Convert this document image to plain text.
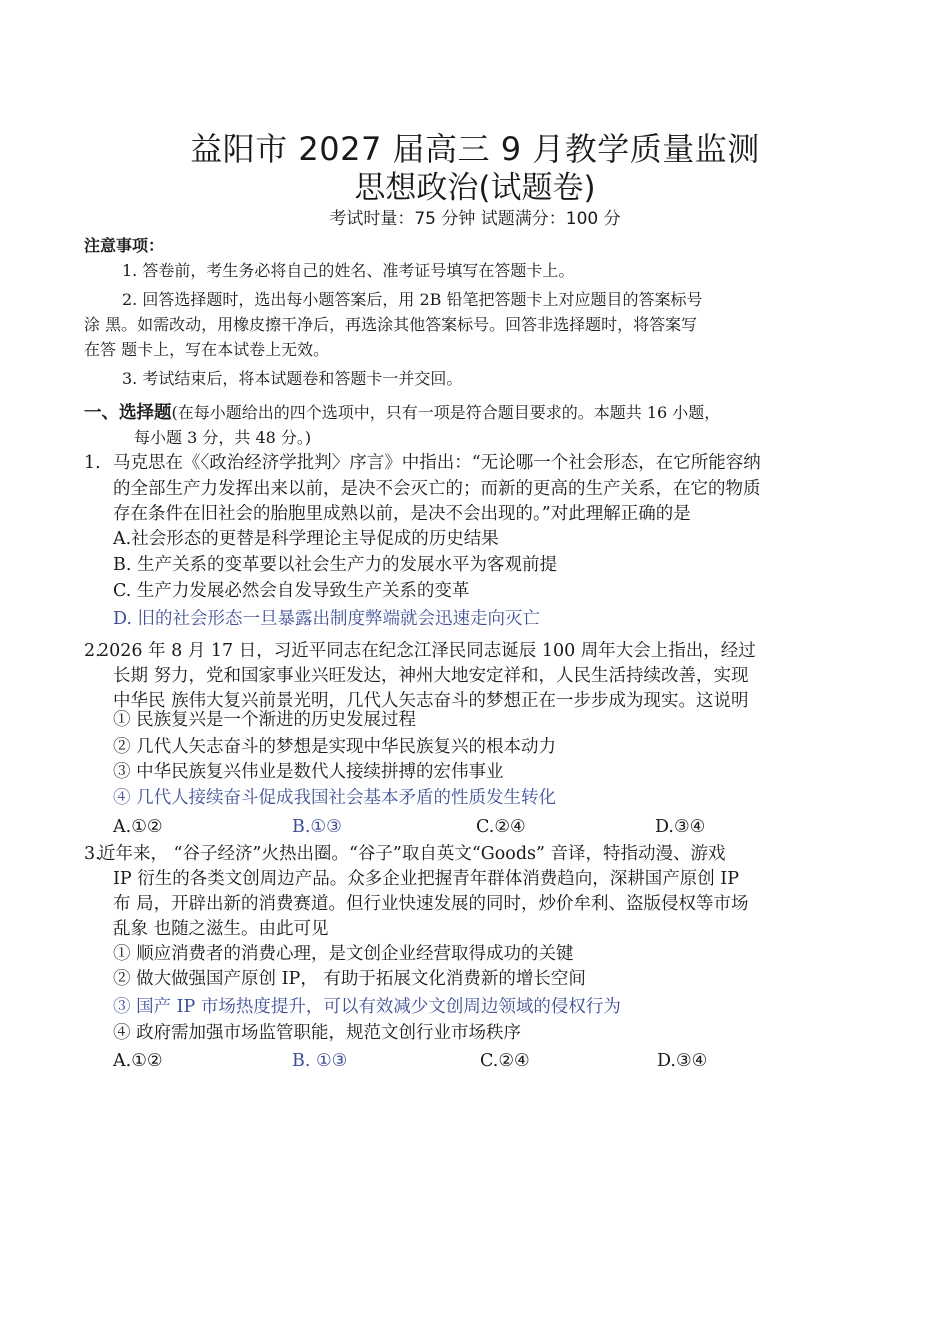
益阳市 2027 届高三 9 月教学质量监测
思想政治(试题卷)
考试时量：75 分钟 试题满分：100 分
注意事项：
1. 答卷前，考生务必将自己的姓名、准考证号填写在答题卡上。
2. 回答选择题时，选出每小题答案后，用 2B 铅笔把答题卡上对应题目的答案标号
涂 黑。如需改动，用橡皮擦干净后，再选涂其他答案标号。回答非选择题时，将答案写
在答 题卡上，写在本试卷上无效。
3. 考试结束后，将本试题卷和答题卡一并交回。
一、选择题(在每小题给出的四个选项中，只有一项是符合题目要求的。本题共 16 小题，
每小题 3 分，共 48 分。)
1. 马克思在《〈政治经济学批判〉序言》中指出：“无论哪一个社会形态，在它所能容纳
的全部生产力发挥出来以前，是决不会灭亡的；而新的更高的生产关系，在它的物质
存在条件在旧社会的胎胞里成熟以前，是决不会出现的。”对此理解正确的是
A.社会形态的更替是科学理论主导促成的历史结果
B. 生产关系的变革要以社会生产力的发展水平为客观前提
C. 生产力发展必然会自发导致生产关系的变革
D. 旧的社会形态一旦暴露出制度弊端就会迅速走向灭亡
2.
2026 年 8 月 17 日，习近平同志在纪念江泽民同志诞辰 100 周年大会上指出，经过
长期 努力，党和国家事业兴旺发达，神州大地安定祥和，人民生活持续改善，实现
中华民 族伟大复兴前景光明，几代人矢志奋斗的梦想正在一步步成为现实。这说明
① 民族复兴是一个渐进的历史发展过程
② 几代人矢志奋斗的梦想是实现中华民族复兴的根本动力
③ 中华民族复兴伟业是数代人接续拼搏的宏伟事业
④ 几代人接续奋斗促成我国社会基本矛盾的性质发生转化
A.①②	B.①③	C.②④	D.③④
3.
近年来， “谷子经济”火热出圈。“谷子”取自英文“Goods” 音译，特指动漫、游戏
IP 衍生的各类文创周边产品。众多企业把握青年群体消费趋向，深耕国产原创 IP
布 局，开辟出新的消费赛道。但行业快速发展的同时，炒价牟利、盗版侵权等市场
乱象 也随之滋生。由此可见
① 顺应消费者的消费心理，是文创企业经营取得成功的关键
② 做大做强国产原创 IP， 有助于拓展文化消费新的增长空间
③ 国产 IP 市场热度提升，可以有效减少文创周边领域的侵权行为
④ 政府需加强市场监管职能，规范文创行业市场秩序
A.①②	B. ①③	C.②④	D.③④
